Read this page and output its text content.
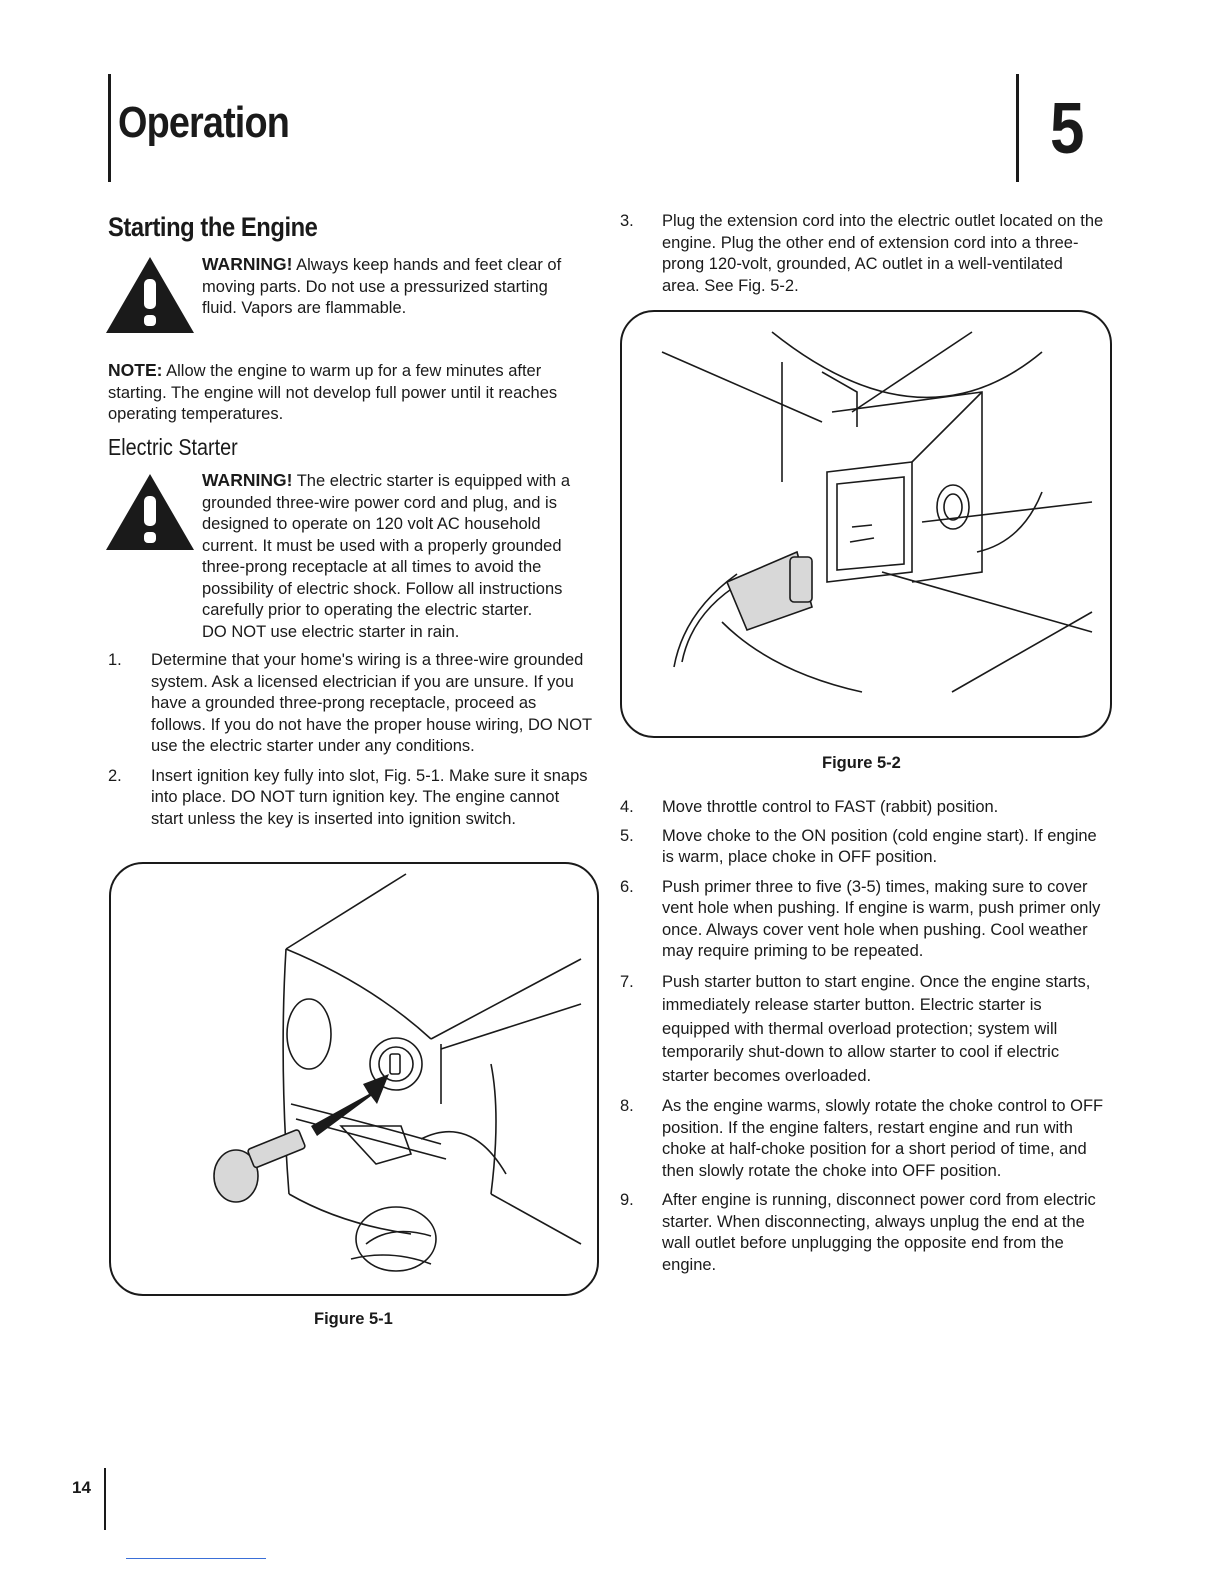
Operation	5
Starting the Engine
WARNING! Always keep hands and feet clear of moving parts. Do not use a pressurized starting fluid. Vapors are flammable.
NOTE: Allow the engine to warm up for a few minutes after starting. The engine will not develop full power until it reaches operating temperatures.
Electric Starter
WARNING! The electric starter is equipped with a grounded three-wire power cord and plug, and is designed to operate on 120 volt AC household current. It must be used with a properly grounded three-prong receptacle at all times to avoid the possibility of electric shock. Follow all instructions carefully prior to operating the electric starter.
DO NOT use electric starter in rain.
1. Determine that your home's wiring is a three-wire grounded system. Ask a licensed electrician if you are unsure. If you have a grounded three-prong receptacle, proceed as follows. If you do not have the proper house wiring, DO NOT use the electric starter under any conditions.
2. Insert ignition key fully into slot, Fig. 5-1. Make sure it snaps into place. DO NOT turn ignition key. The engine cannot start unless the key is inserted into ignition switch.
Figure 5-1
3. Plug the extension cord into the electric outlet located on the engine. Plug the other end of extension cord into a three-prong 120-volt, grounded, AC outlet in a well-ventilated area. See Fig. 5-2.
Figure 5-2
4. Move throttle control to FAST (rabbit) position.
5. Move choke to the ON position (cold engine start). If engine is warm, place choke in OFF position.
6. Push primer three to five (3-5) times, making sure to cover vent hole when pushing. If engine is warm, push primer only once. Always cover vent hole when pushing. Cool weather may require priming to be repeated.
7. Push starter button to start engine. Once the engine starts, immediately release starter button. Electric starter is equipped with thermal overload protection; system will temporarily shut-down to allow starter to cool if electric starter becomes overloaded.
8. As the engine warms, slowly rotate the choke control to OFF position. If the engine falters, restart engine and run with choke at half-choke position for a short period of time, and then slowly rotate the choke into OFF position.
9. After engine is running, disconnect power cord from electric starter. When disconnecting, always unplug the end at the wall outlet before unplugging the opposite end from the engine.
14
